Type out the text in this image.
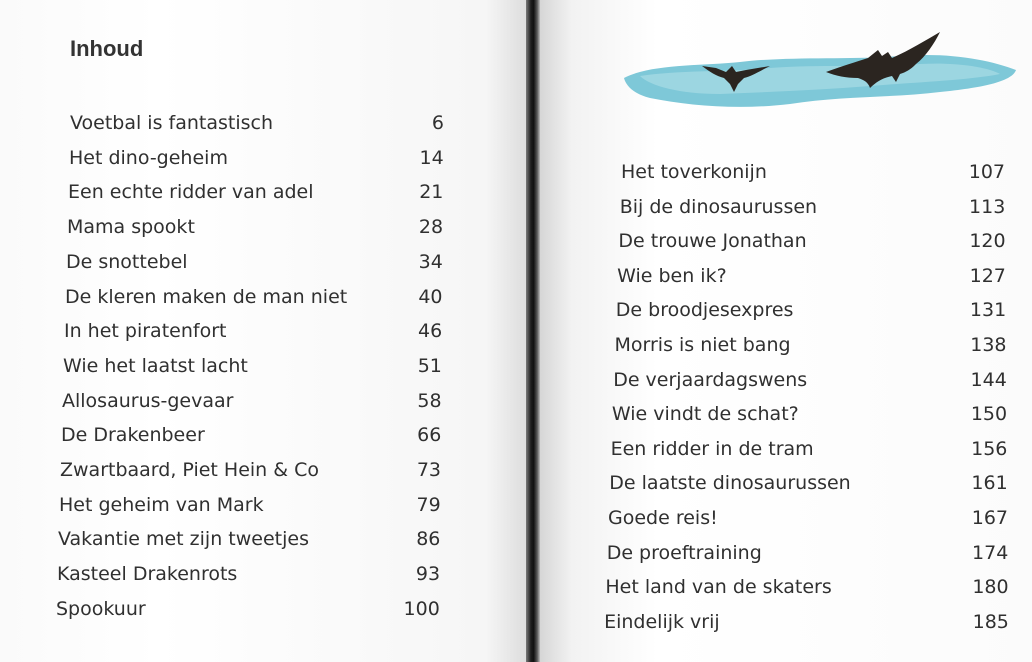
Inhoud
Voetbal is fantastisch	6
Het dino-geheim	14
Een echte ridder van adel	21
Mama spookt	28
De snottebel	34
De kleren maken de man niet	40
In het piratenfort	46
Wie het laatst lacht	51
Allosaurus-gevaar	58
De Drakenbeer	66
Zwartbaard, Piet Hein & Co	73
Het geheim van Mark	79
Vakantie met zijn tweetjes	86
Kasteel Drakenrots	93
Spookuur	100
Het toverkonijn	107
Bij de dinosaurussen	113
De trouwe Jonathan	120
Wie ben ik?	127
De broodjesexpres	131
Morris is niet bang	138
De verjaardagswens	144
Wie vindt de schat?	150
Een ridder in de tram	156
De laatste dinosaurussen	161
Goede reis!	167
De proeftraining	174
Het land van de skaters	180
Eindelijk vrij	185
